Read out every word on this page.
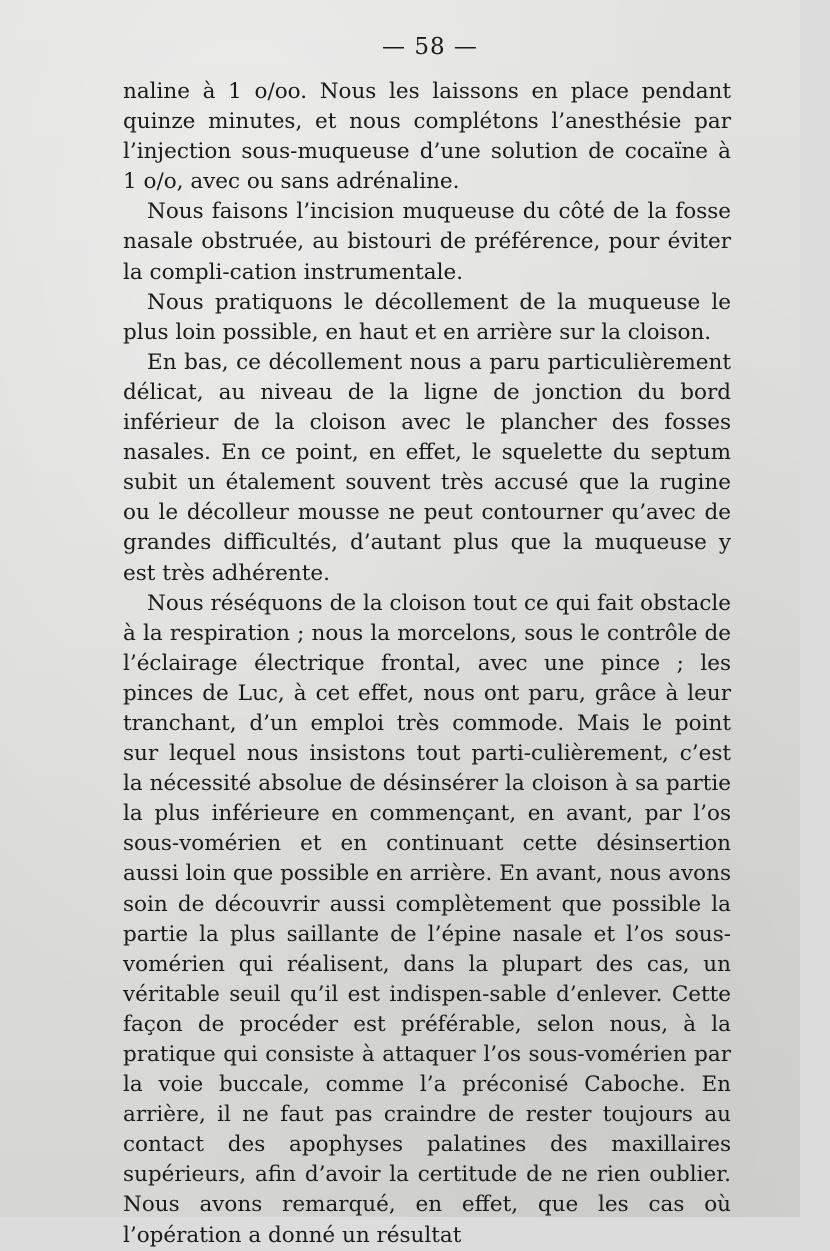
— 58 —

naline à 1 o/oo. Nous les laissons en place pendant quinze minutes, et nous complétons l’anesthésie par l’injection sous-muqueuse d’une solution de cocaïne à 1 o/o, avec ou sans adrénaline.

Nous faisons l’incision muqueuse du côté de la fosse nasale obstruée, au bistouri de préférence, pour éviter la compli-cation instrumentale.

Nous pratiquons le décollement de la muqueuse le plus loin possible, en haut et en arrière sur la cloison.

En bas, ce décollement nous a paru particulièrement délicat, au niveau de la ligne de jonction du bord inférieur de la cloison avec le plancher des fosses nasales. En ce point, en effet, le squelette du septum subit un étalement souvent très accusé que la rugine ou le décolleur mousse ne peut contourner qu’avec de grandes difficultés, d’autant plus que la muqueuse y est très adhérente.

Nous réséquons de la cloison tout ce qui fait obstacle à la respiration ; nous la morcelons, sous le contrôle de l’éclairage électrique frontal, avec une pince ; les pinces de Luc, à cet effet, nous ont paru, grâce à leur tranchant, d’un emploi très commode. Mais le point sur lequel nous insistons tout parti-culièrement, c’est la nécessité absolue de désinsérer la cloison à sa partie la plus inférieure en commençant, en avant, par l’os sous-vomérien et en continuant cette désinsertion aussi loin que possible en arrière. En avant, nous avons soin de découvrir aussi complètement que possible la partie la plus saillante de l’épine nasale et l’os sous-vomérien qui réalisent, dans la plupart des cas, un véritable seuil qu’il est indispen-sable d’enlever. Cette façon de procéder est préférable, selon nous, à la pratique qui consiste à attaquer l’os sous-vomérien par la voie buccale, comme l’a préconisé Caboche. En arrière, il ne faut pas craindre de rester toujours au contact des apophyses palatines des maxillaires supérieurs, afin d’avoir la certitude de ne rien oublier. Nous avons remarqué, en effet, que les cas où l’opération a donné un résultat
